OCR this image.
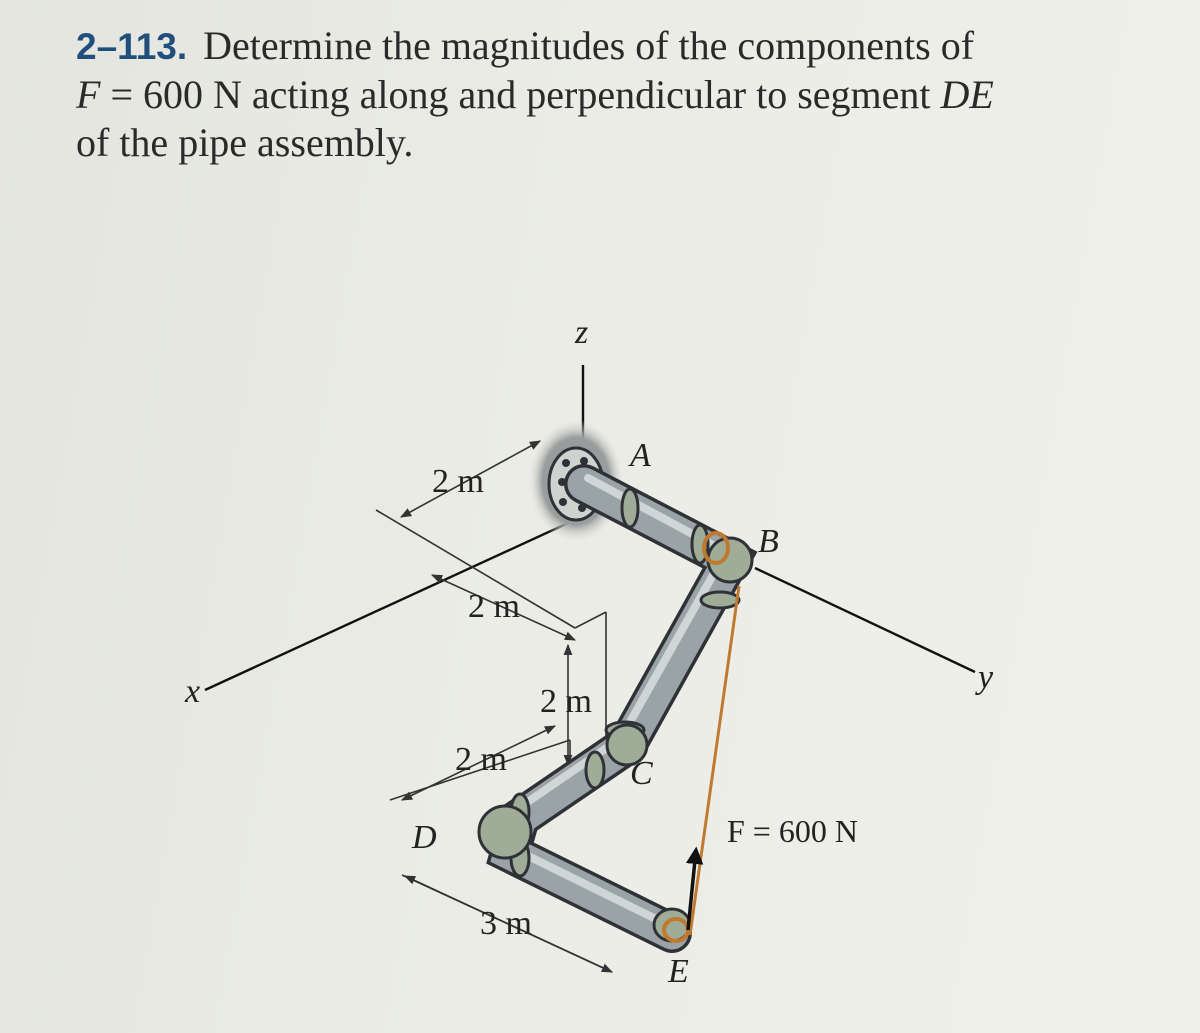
2–113. Determine the magnitudes of the components of
F = 600 N acting along and perpendicular to segment DE
of the pipe assembly.
z
x	y
A
B
C
D
E
2 m
2 m
2 m
2 m
3 m
F = 600 N
